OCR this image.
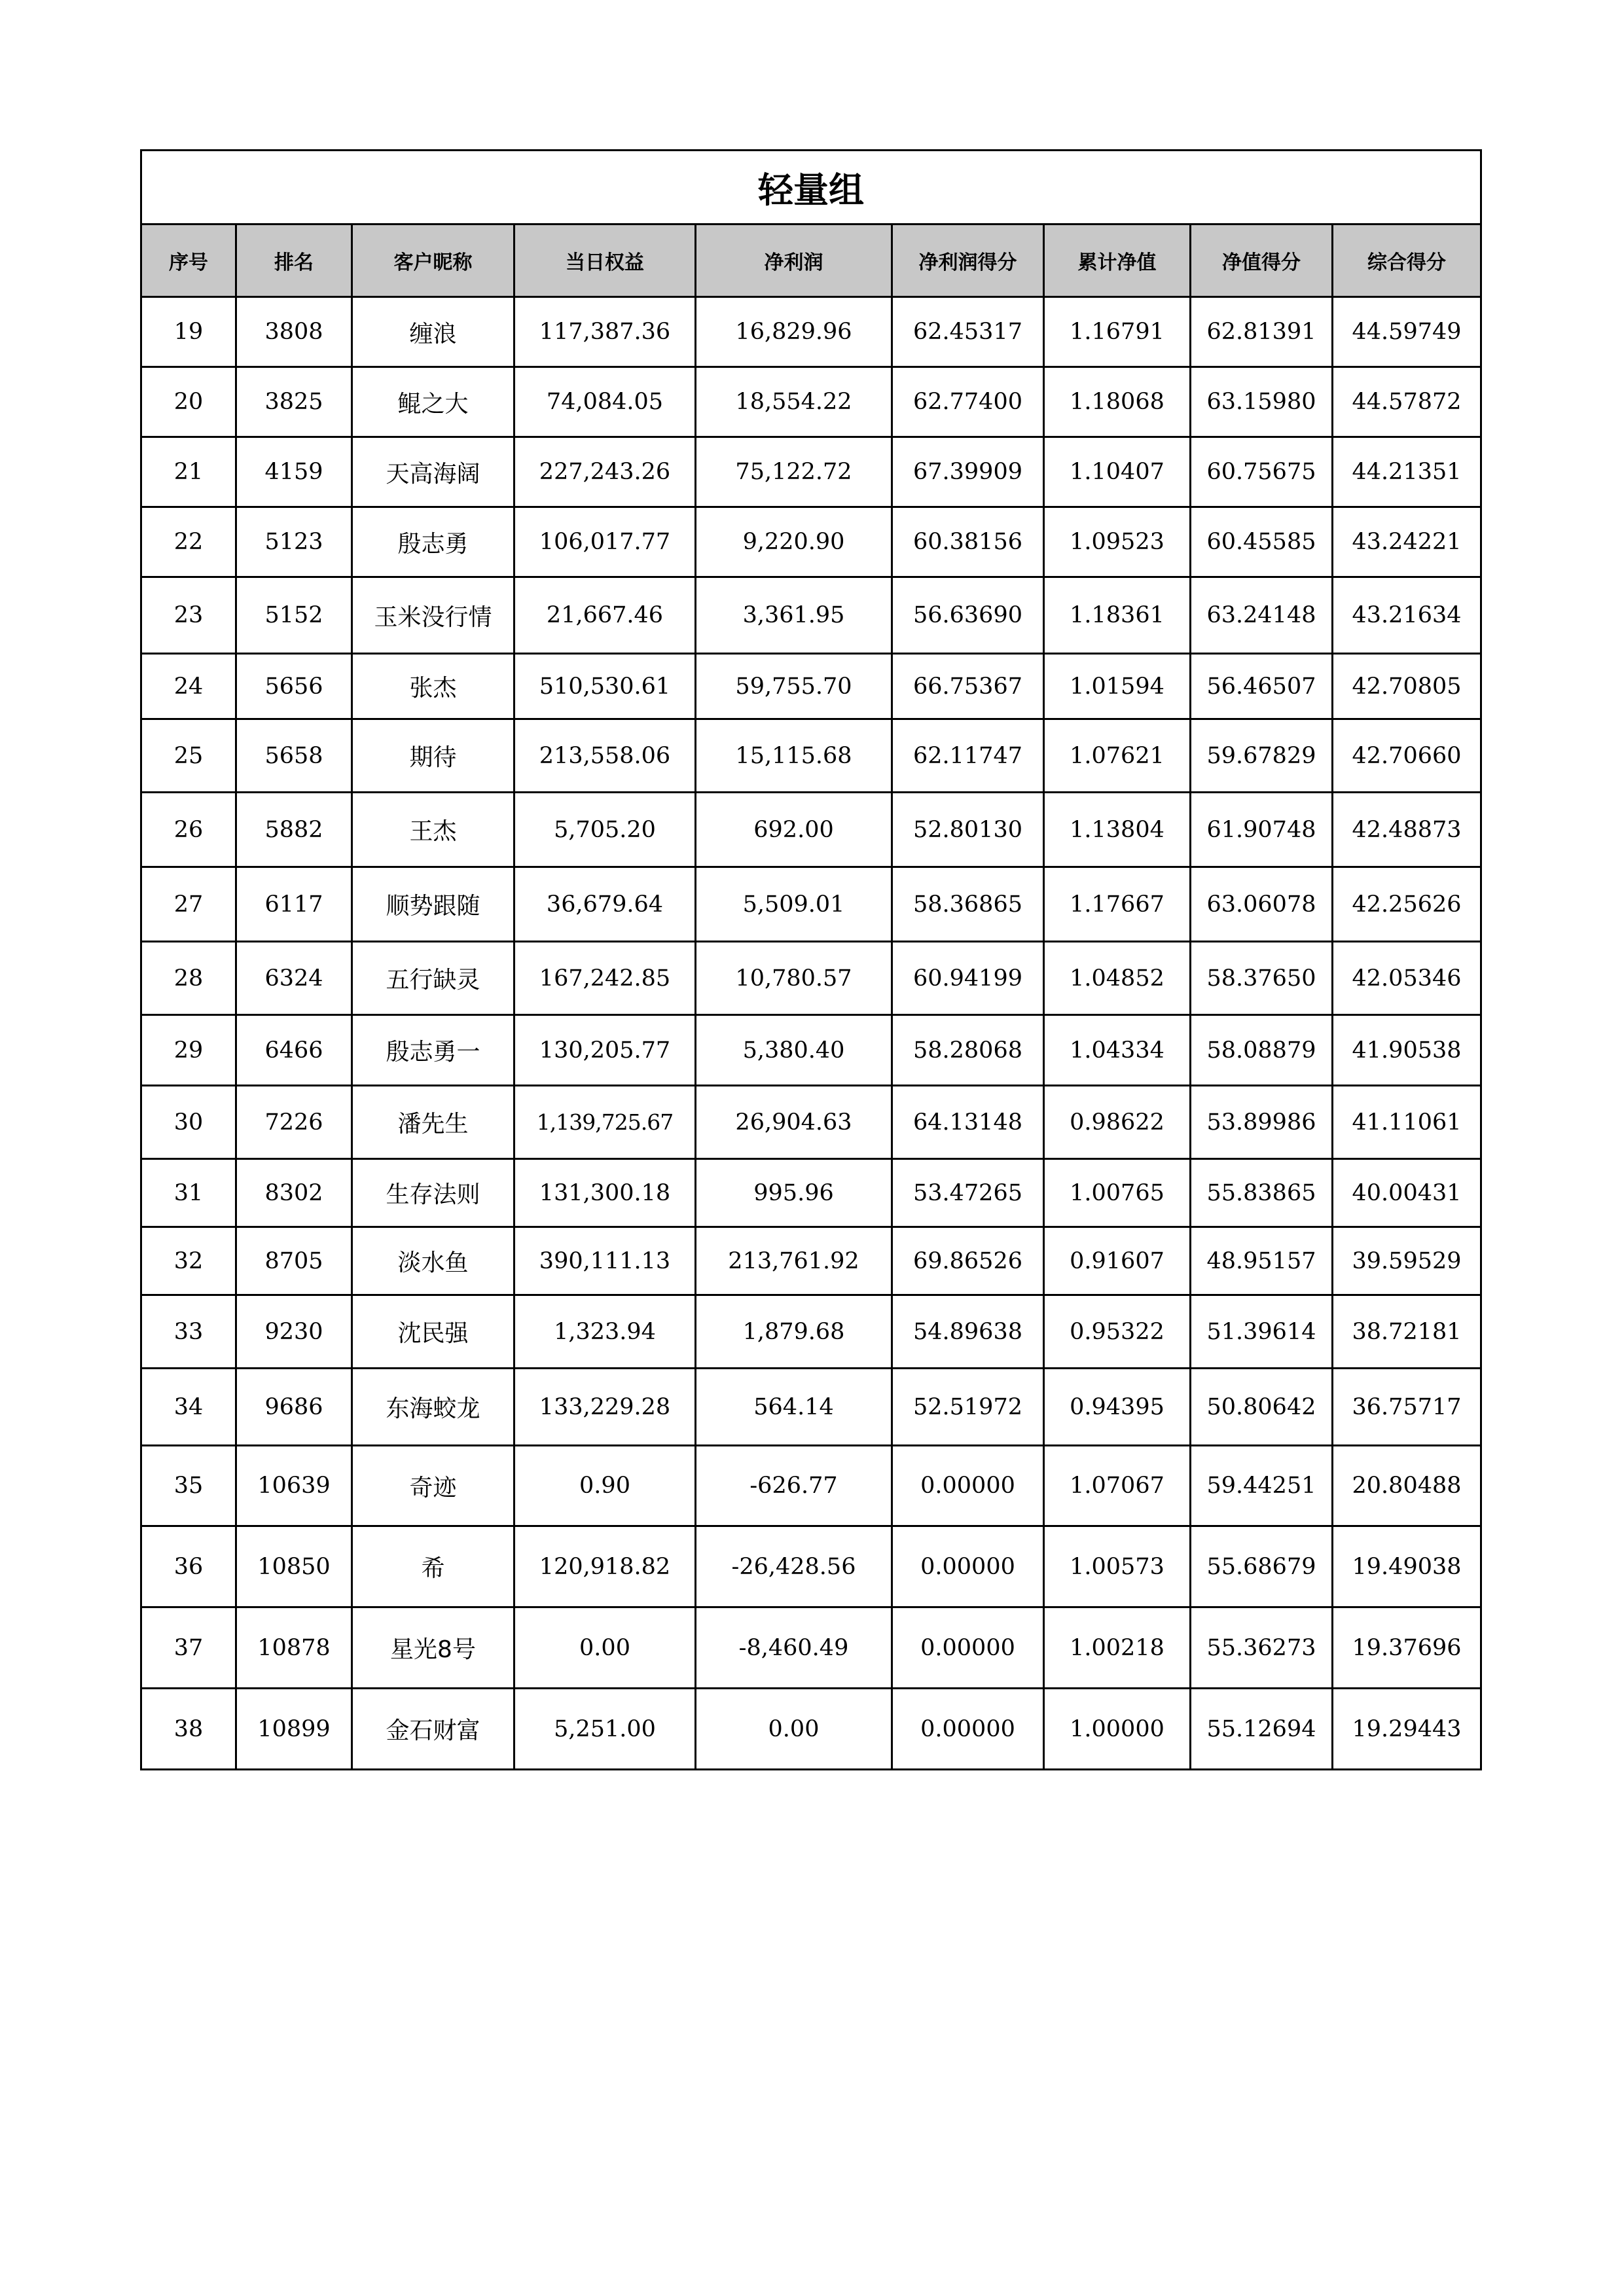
轻量组								
序号	排名	客户昵称	当日权益	净利润	净利润得分	累计净值	净值得分	综合得分
19	3808	缠浪	117,387.36	16,829.96	62.45317	1.16791	62.81391	44.59749
20	3825	鲲之大	74,084.05	18,554.22	62.77400	1.18068	63.15980	44.57872
21	4159	天高海阔	227,243.26	75,122.72	67.39909	1.10407	60.75675	44.21351
22	5123	殷志勇	106,017.77	9,220.90	60.38156	1.09523	60.45585	43.24221
23	5152	玉米没行情	21,667.46	3,361.95	56.63690	1.18361	63.24148	43.21634
24	5656	张杰	510,530.61	59,755.70	66.75367	1.01594	56.46507	42.70805
25	5658	期待	213,558.06	15,115.68	62.11747	1.07621	59.67829	42.70660
26	5882	王杰	5,705.20	692.00	52.80130	1.13804	61.90748	42.48873
27	6117	顺势跟随	36,679.64	5,509.01	58.36865	1.17667	63.06078	42.25626
28	6324	五行缺灵	167,242.85	10,780.57	60.94199	1.04852	58.37650	42.05346
29	6466	殷志勇一	130,205.77	5,380.40	58.28068	1.04334	58.08879	41.90538
30	7226	潘先生	1,139,725.67	26,904.63	64.13148	0.98622	53.89986	41.11061
31	8302	生存法则	131,300.18	995.96	53.47265	1.00765	55.83865	40.00431
32	8705	淡水鱼	390,111.13	213,761.92	69.86526	0.91607	48.95157	39.59529
33	9230	沈民强	1,323.94	1,879.68	54.89638	0.95322	51.39614	38.72181
34	9686	东海蛟龙	133,229.28	564.14	52.51972	0.94395	50.80642	36.75717
35	10639	奇迹	0.90	-626.77	0.00000	1.07067	59.44251	20.80488
36	10850	希	120,918.82	-26,428.56	0.00000	1.00573	55.68679	19.49038
37	10878	星光8号	0.00	-8,460.49	0.00000	1.00218	55.36273	19.37696
38	10899	金石财富	5,251.00	0.00	0.00000	1.00000	55.12694	19.29443
